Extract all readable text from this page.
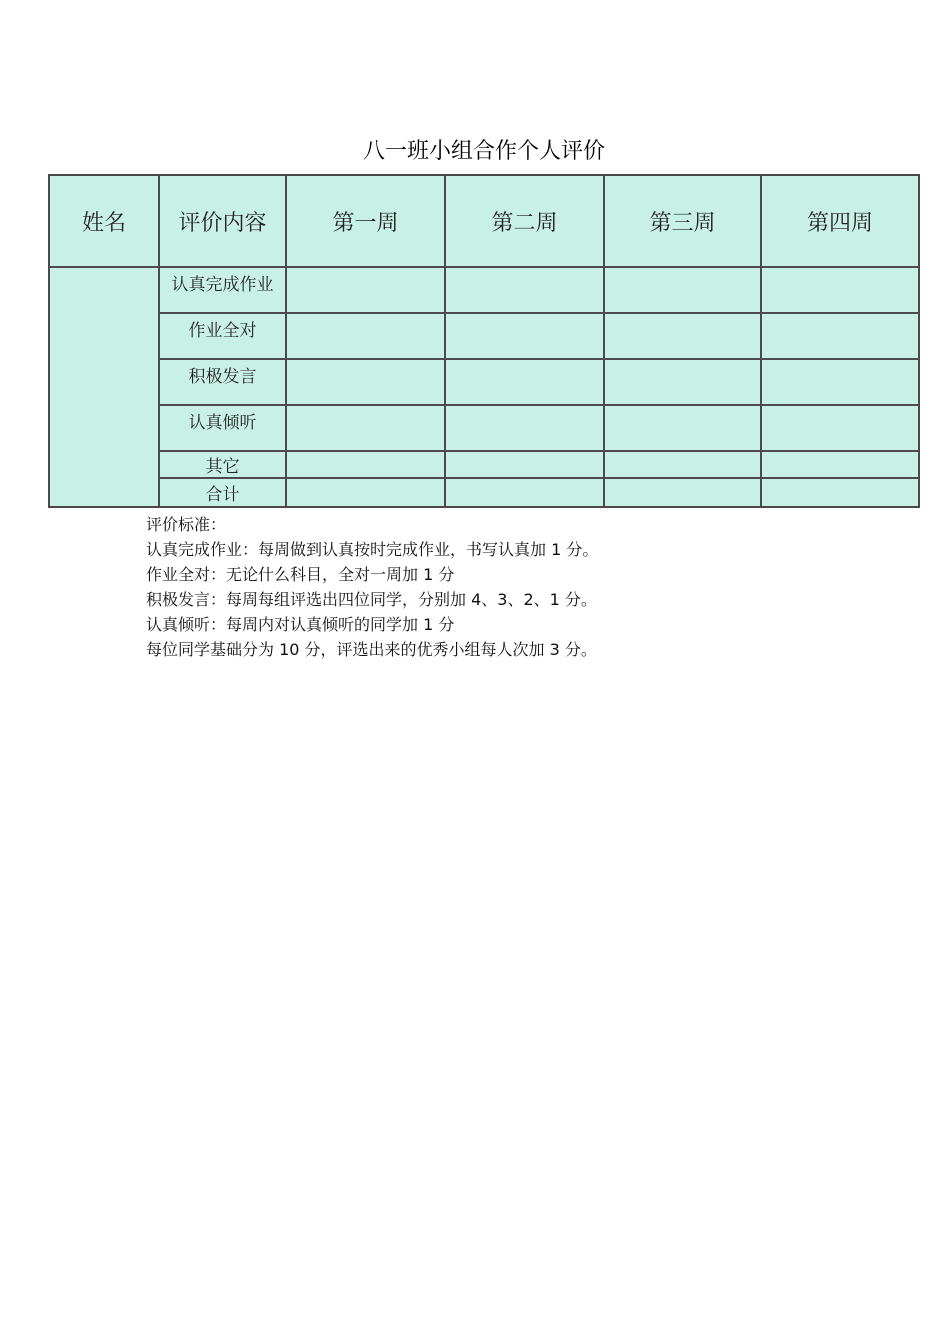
八一班小组合作个人评价
姓名	评价内容	第一周	第二周	第三周	第四周
	认真完成作业				
	作业全对				
	积极发言				
	认真倾听				
	其它				
	合计				
评价标准：
认真完成作业：每周做到认真按时完成作业，书写认真加 1 分。
作业全对：无论什么科目，全对一周加 1 分
积极发言：每周每组评选出四位同学，分别加 4、3、2、1 分。
认真倾听：每周内对认真倾听的同学加 1 分
每位同学基础分为 10 分，评选出来的优秀小组每人次加 3 分。
